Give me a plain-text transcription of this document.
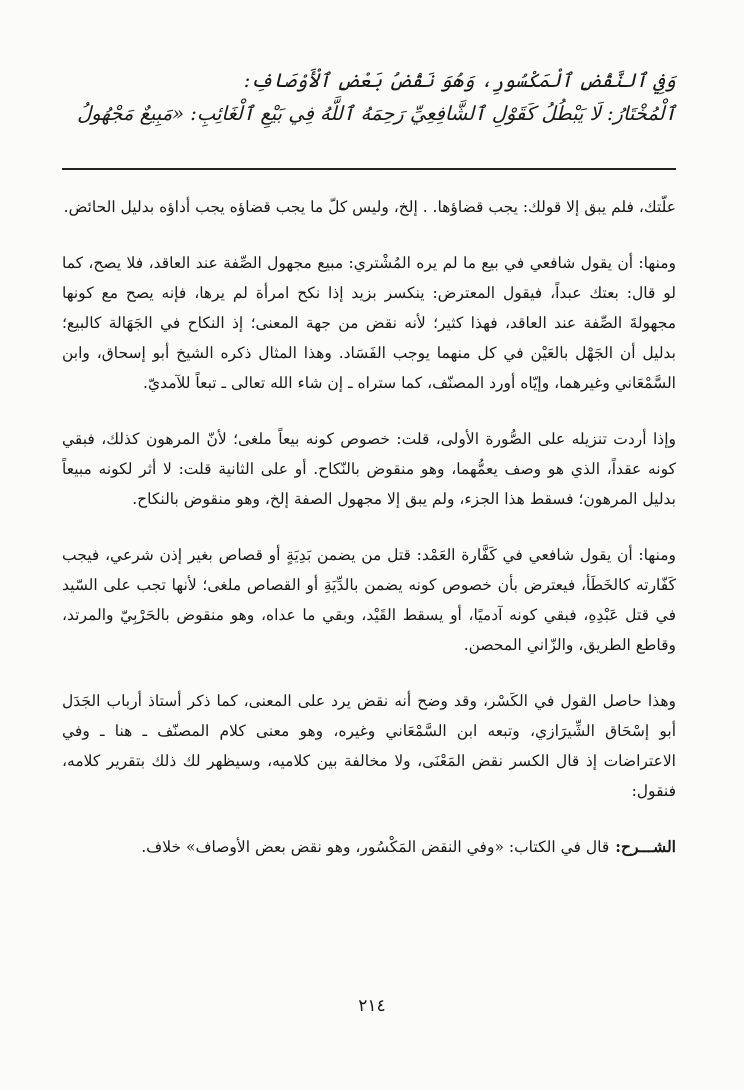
وَفِي ٱلنَّقْضِ ٱلْمَكْسُورِ، وَهُوَ نَقْضُ بَعْضِ ٱلْأَوْصَافِ:

ٱلْمُخْتَارُ: لَا يَبْطُلُ كَقَوْلِ ٱلشَّافِعِيِّ رَحِمَهُ ٱللَّهُ فِي بَيْعِ ٱلْغَائِبِ: «مَبِيعٌ مَجْهُولُ

علّتك، فلم يبق إلا قولك: يجب قضاؤها. . إلخ، وليس كلّ ما يجب قضاؤه يجب أداؤه بدليل الحائض.

ومنها: أن يقول شافعي في بيع ما لم يره المُشْتري: مبيع مجهول الصِّفة عند العاقد، فلا يصح، كما لو قال: بعتك عبداً، فيقول المعترض: ينكسر بزيد إذا نكح امرأة لم يرها، فإنه يصح مع كونها مجهولةَ الصِّفة عند العاقد، فهذا كثير؛ لأنه نقض من جهة المعنى؛ إذ النكاح في الجَهَالة كالبيع؛ بدليل أن الجَهْل بالعَيْن في كل منهما يوجب الفَسَاد. وهذا المثال ذكره الشيخ أبو إسحاق، وابن السَّمْعَاني وغيرهما، وإيّاه أورد المصنّف، كما ستراه ـ إن شاء الله تعالى ـ تبعاً للآمديّ.

وإذا أردت تنزيله على الصُّورة الأولى، قلت: خصوص كونه بيعاً ملغى؛ لأنّ المرهون كذلك، فبقي كونه عقداً، الذي هو وصف يعمُّهما، وهو منقوض بالنّكاح. أو على الثانية قلت: لا أثر لكونه مبيعاً بدليل المرهون؛ فسقط هذا الجزء، ولم يبق إلا مجهول الصفة إلخ، وهو منقوض بالنكاح.

ومنها: أن يقول شافعي في كَفَّارة العَمْد: قتل من يضمن بَدِيَةٍ أو قصاص بغير إذن شرعي، فيجب كَفّارته كالخَطَأ، فيعترض بأن خصوص كونه يضمن بالدِّيَةِ أو القصاص ملغى؛ لأنها تجب على السّيد في قتل عَبْدِهِ، فبقي كونه آدميًا، أو يسقط القَيْد، وبقي ما عداه، وهو منقوض بالحَرْبِيّ والمرتد، وقاطع الطريق، والزّاني المحصن.

وهذا حاصل القول في الكَسْر، وقد وضح أنه نقض يرد على المعنى، كما ذكر أستاذ أرباب الجَدَل أبو إسْحَاق الشِّيرَازي، وتبعه ابن السَّمْعَاني وغيره، وهو معنى كلام المصنّف ـ هنا ـ وفي الاعتراضات إذ قال الكسر نقض المَعْنَى، ولا مخالفة بين كلاميه، وسيظهر لك ذلك بتقرير كلامه، فنقول:

الشـــرح:قال في الكتاب: «وفي النقض المَكْسُور، وهو نقض بعض الأوصاف» خلاف.

٢١٤
